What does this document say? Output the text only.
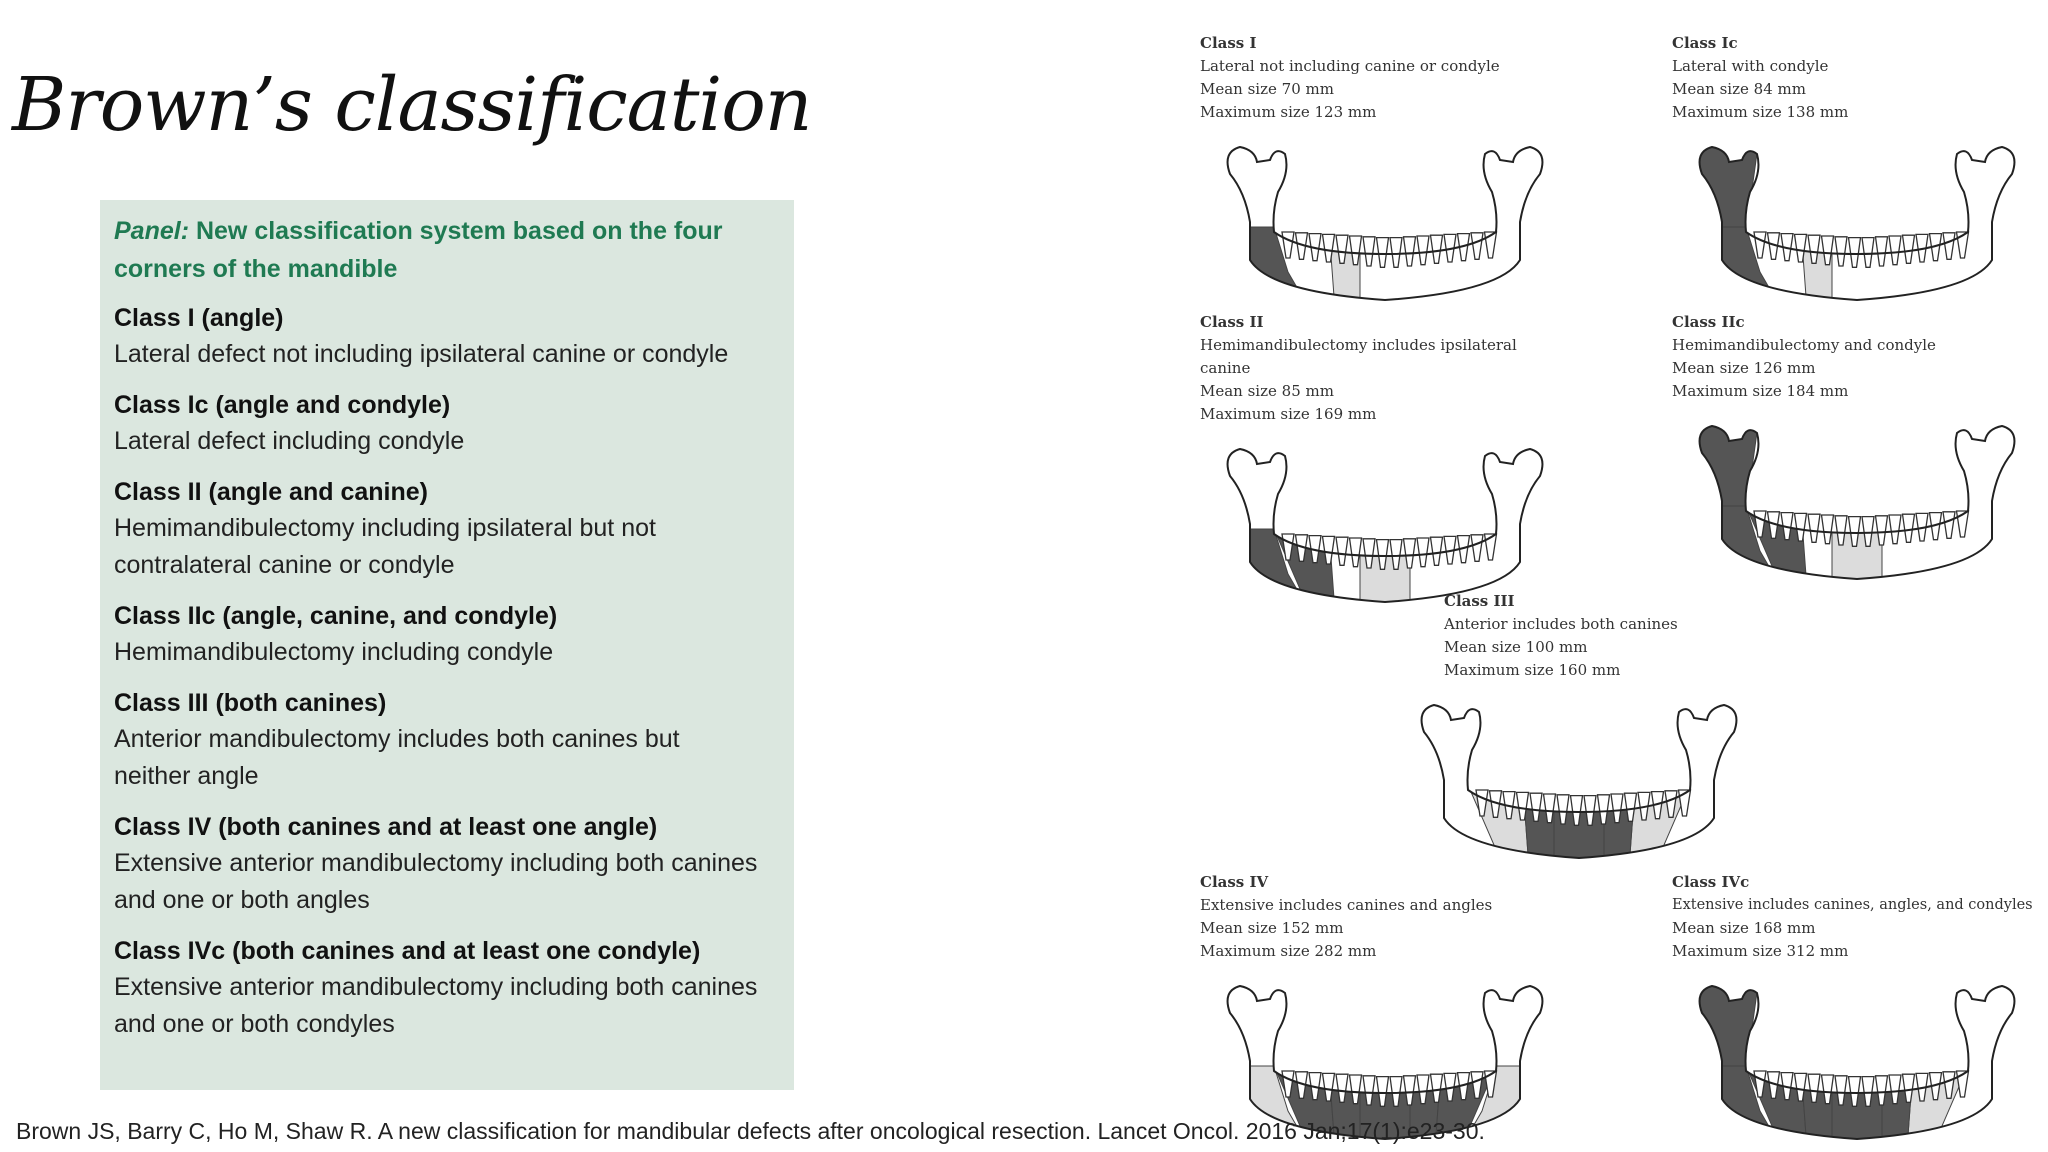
Brown’s classification

Panel: New classification system based on the four corners of the mandible

Class I (angle)
Lateral defect not including ipsilateral canine or condyle
Class Ic (angle and condyle)
Lateral defect including condyle
Class II (angle and canine)
Hemimandibulectomy including ipsilateral but not contralateral canine or condyle
Class IIc (angle, canine, and condyle)
Hemimandibulectomy including condyle
Class III (both canines)
Anterior mandibulectomy includes both canines but neither angle
Class IV (both canines and at least one angle)
Extensive anterior mandibulectomy including both canines and one or both angles
Class IVc (both canines and at least one condyle)
Extensive anterior mandibulectomy including both canines and one or both condyles
Class I
Lateral not including canine or condyle
Mean size 70 mm
Maximum size 123 mm
Class Ic
Lateral with condyle
Mean size 84 mm
Maximum size 138 mm
Class II
Hemimandibulectomy includes ipsilateral canine
Mean size 85 mm
Maximum size 169 mm
Class IIc
Hemimandibulectomy and condyle
Mean size 126 mm
Maximum size 184 mm
Class III
Anterior includes both canines
Mean size 100 mm
Maximum size 160 mm
Class IV
Extensive includes canines and angles
Mean size 152 mm
Maximum size 282 mm
Class IVc
Extensive includes canines, angles, and condyles
Mean size 168 mm
Maximum size 312 mm

Brown JS, Barry C, Ho M, Shaw R. A new classification for mandibular defects after oncological resection. Lancet Oncol. 2016 Jan;17(1):e23-30.
